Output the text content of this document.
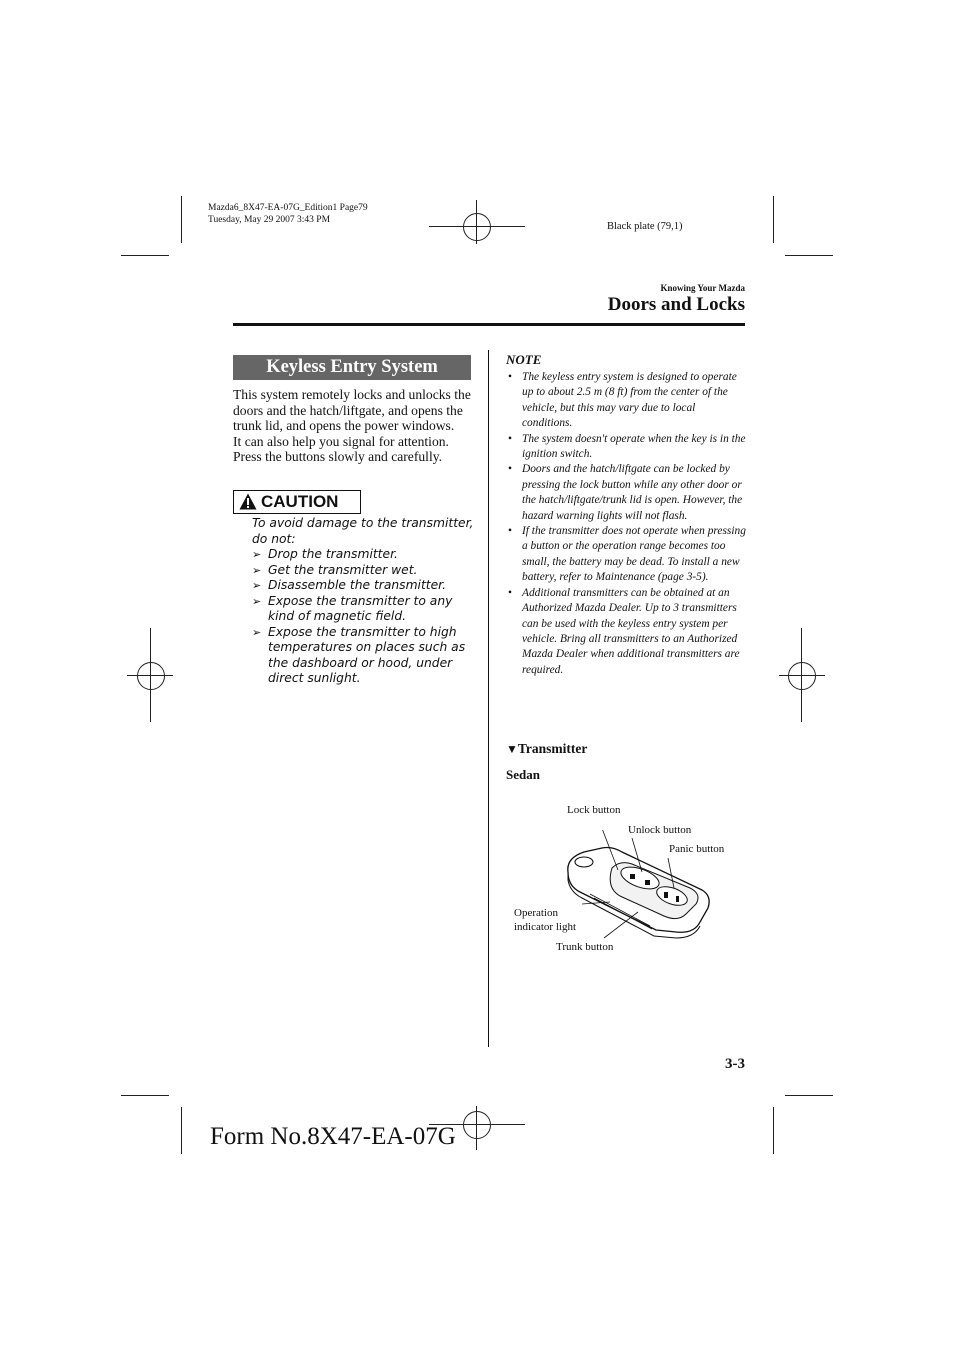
Mazda6_8X47-EA-07G_Edition1 Page79
Tuesday, May 29 2007 3:43 PM
Black plate (79,1)
Knowing Your Mazda
Doors and Locks
Keyless Entry System

This system remotely locks and unlocks the doors and the hatch/liftgate, and opens the trunk lid, and opens the power windows.

It can also help you signal for attention. Press the buttons slowly and carefully.

CAUTION

To avoid damage to the transmitter, do not:

➢ Drop the transmitter.
➢ Get the transmitter wet.
➢ Disassemble the transmitter.
➢ Expose the transmitter to any kind of magnetic field.
➢ Expose the transmitter to high temperatures on places such as the dashboard or hood, under direct sunlight.
NOTE
• The keyless entry system is designed to operate up to about 2.5 m (8 ft) from the center of the vehicle, but this may vary due to local conditions.
• The system doesn't operate when the key is in the ignition switch.
• Doors and the hatch/liftgate can be locked by pressing the lock button while any other door or the hatch/liftgate/trunk lid is open. However, the hazard warning lights will not flash.
• If the transmitter does not operate when pressing a button or the operation range becomes too small, the battery may be dead. To install a new battery, refer to Maintenance (page 3-5).
• Additional transmitters can be obtained at an Authorized Mazda Dealer. Up to 3 transmitters can be used with the keyless entry system per vehicle. Bring all transmitters to an Authorized Mazda Dealer when additional transmitters are required.
▼Transmitter
Sedan
Lock button
Unlock button
Panic button
Operation
indicator light
Trunk button
3-3
Form No.8X47-EA-07G
